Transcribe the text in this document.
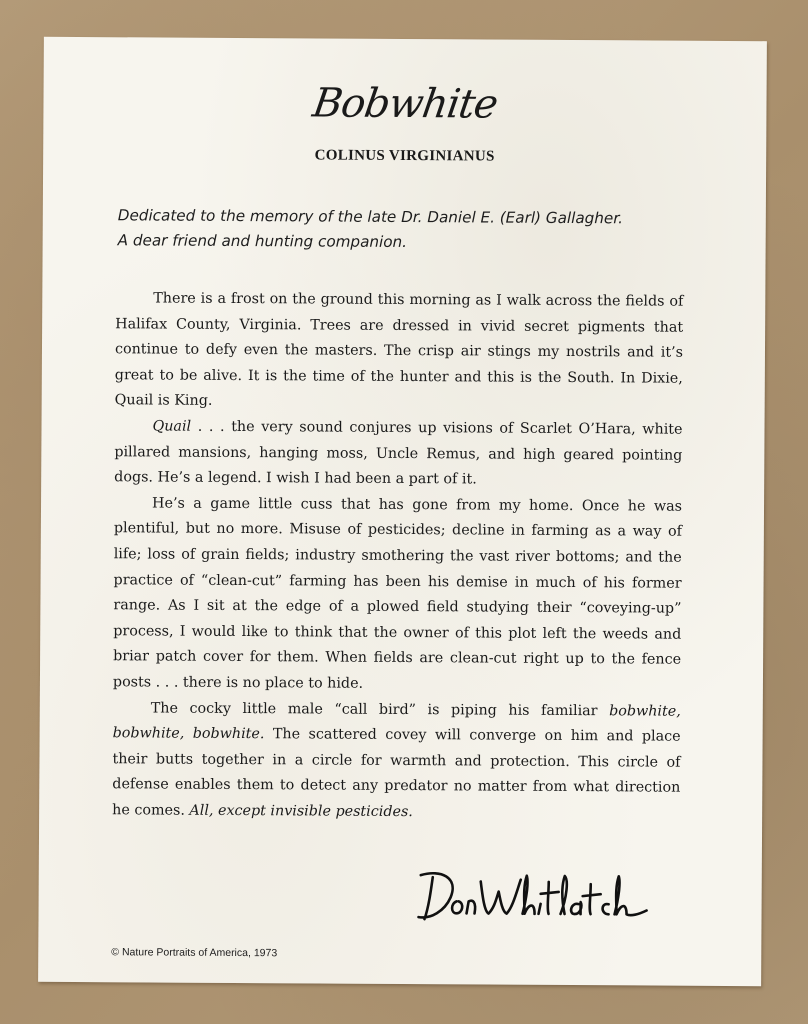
Bobwhite
COLINUS VIRGINIANUS
Dedicated to the memory of the late Dr. Daniel E. (Earl) Gallagher.
A dear friend and hunting companion.

There is a frost on the ground this morning as I walk across the fields of Halifax County, Virginia. Trees are dressed in vivid secret pigments that continue to defy even the masters. The crisp air stings my nostrils and it’s great to be alive. It is the time of the hunter and this is the South. In Dixie, Quail is King.

Quail . . . the very sound conjures up visions of Scarlet O’Hara, white pillared mansions, hanging moss, Uncle Remus, and high geared pointing dogs. He’s a legend. I wish I had been a part of it.

He’s a game little cuss that has gone from my home. Once he was plentiful, but no more. Misuse of pesticides; decline in farming as a way of life; loss of grain fields; industry smothering the vast river bottoms; and the practice of “clean-cut” farming has been his demise in much of his former range. As I sit at the edge of a plowed field studying their “coveying-up” process, I would like to think that the owner of this plot left the weeds and briar patch cover for them. When fields are clean-cut right up to the fence posts . . . there is no place to hide.

The cocky little male “call bird” is piping his familiar bobwhite, bobwhite, bobwhite. The scattered covey will converge on him and place their butts together in a circle for warmth and protection. This circle of defense enables them to detect any predator no matter from what direction he comes. All, except invisible pesticides.

© Nature Portraits of America, 1973
